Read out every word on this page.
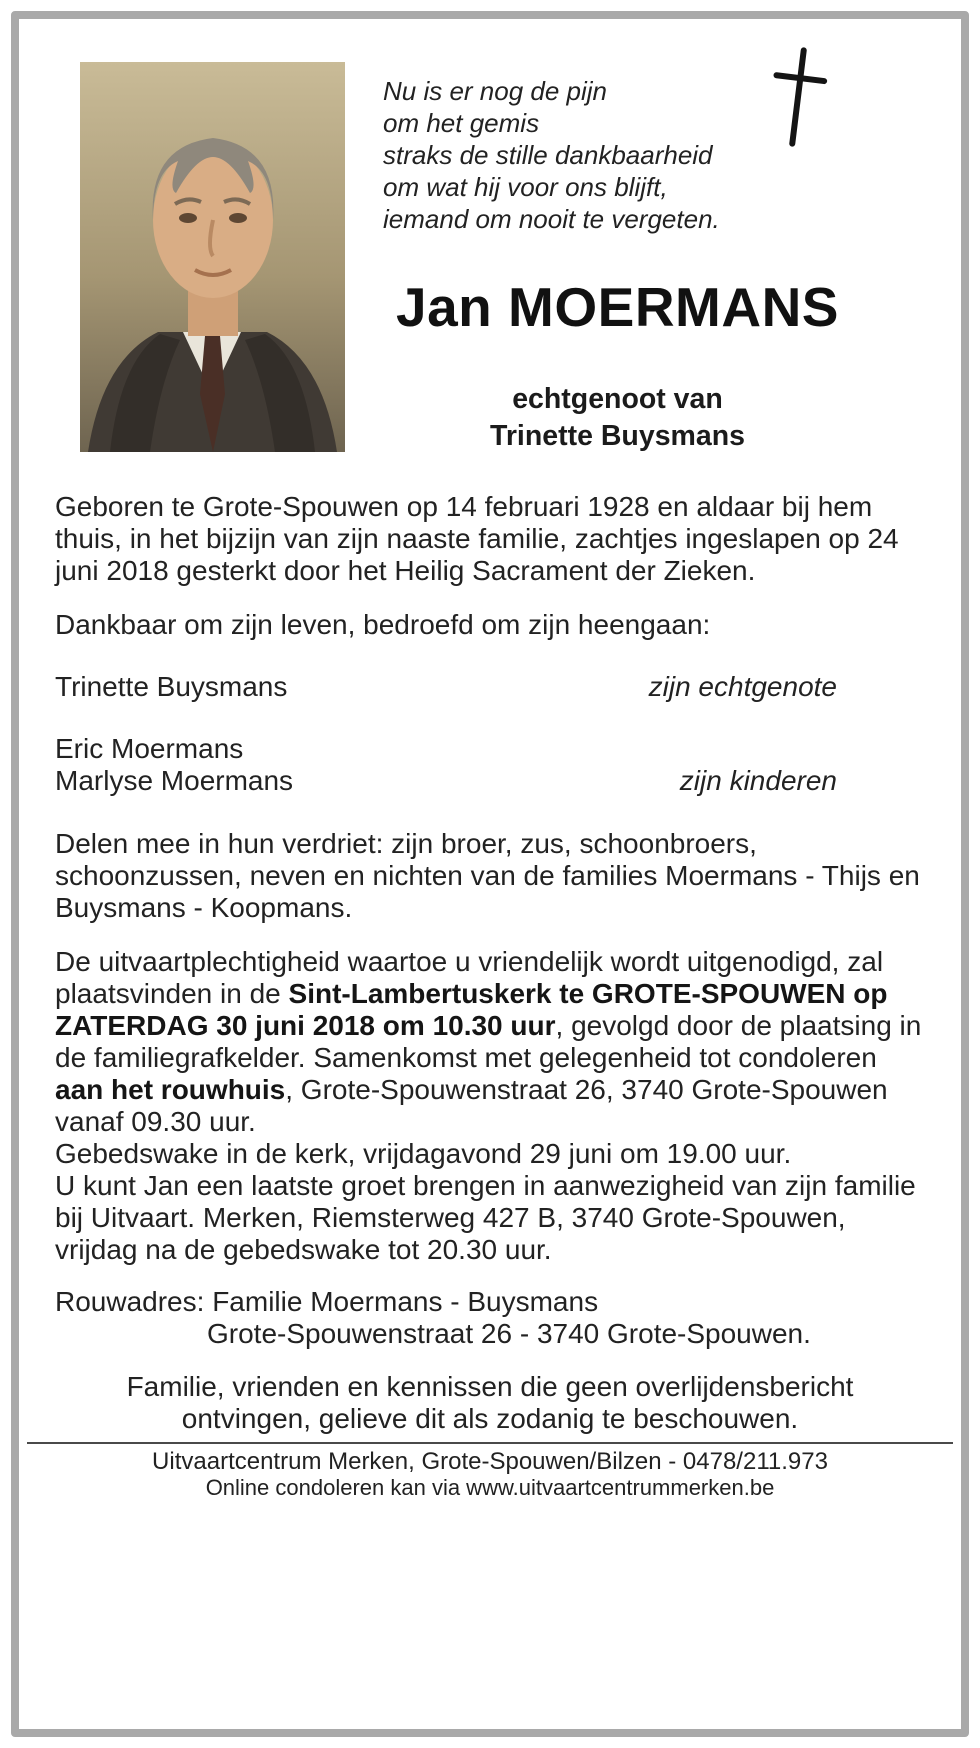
Nu is er nog de pijn
om het gemis
straks de stille dankbaarheid
om wat hij voor ons blijft,
iemand om nooit te vergeten.
Jan MOERMANS
echtgenoot van
Trinette Buysmans

Geboren te Grote-Spouwen op 14 februari 1928 en aldaar bij hem thuis, in het bijzijn van zijn naaste familie, zachtjes ingeslapen op 24 juni 2018 gesterkt door het Heilig Sacrament der Zieken.

Dankbaar om zijn leven, bedroefd om zijn heengaan:

Trinette Buysmans	zijn echtgenote
Eric Moermans
Marlyse Moermans	zijn kinderen

Delen mee in hun verdriet: zijn broer, zus, schoonbroers, schoonzussen, neven en nichten van de families Moermans - Thijs en Buysmans - Koopmans.

De uitvaartplechtigheid waartoe u vriendelijk wordt uitgenodigd, zal plaatsvinden in de Sint-Lambertuskerk te GROTE-SPOUWEN op ZATERDAG 30 juni 2018 om 10.30 uur, gevolgd door de plaatsing in de familiegrafkelder. Samenkomst met gelegenheid tot condoleren aan het rouwhuis, Grote-Spouwenstraat 26, 3740 Grote-Spouwen vanaf 09.30 uur.
Gebedswake in de kerk, vrijdagavond 29 juni om 19.00 uur.
U kunt Jan een laatste groet brengen in aanwezigheid van zijn familie bij Uitvaart. Merken, Riemsterweg 427 B, 3740 Grote-Spouwen, vrijdag na de gebedswake tot 20.30 uur.

Rouwadres: Familie Moermans - Buysmans
Grote-Spouwenstraat 26 - 3740 Grote-Spouwen.

Familie, vrienden en kennissen die geen overlijdensbericht
ontvingen, gelieve dit als zodanig te beschouwen.

Uitvaartcentrum Merken, Grote-Spouwen/Bilzen - 0478/211.973
Online condoleren kan via www.uitvaartcentrummerken.be
